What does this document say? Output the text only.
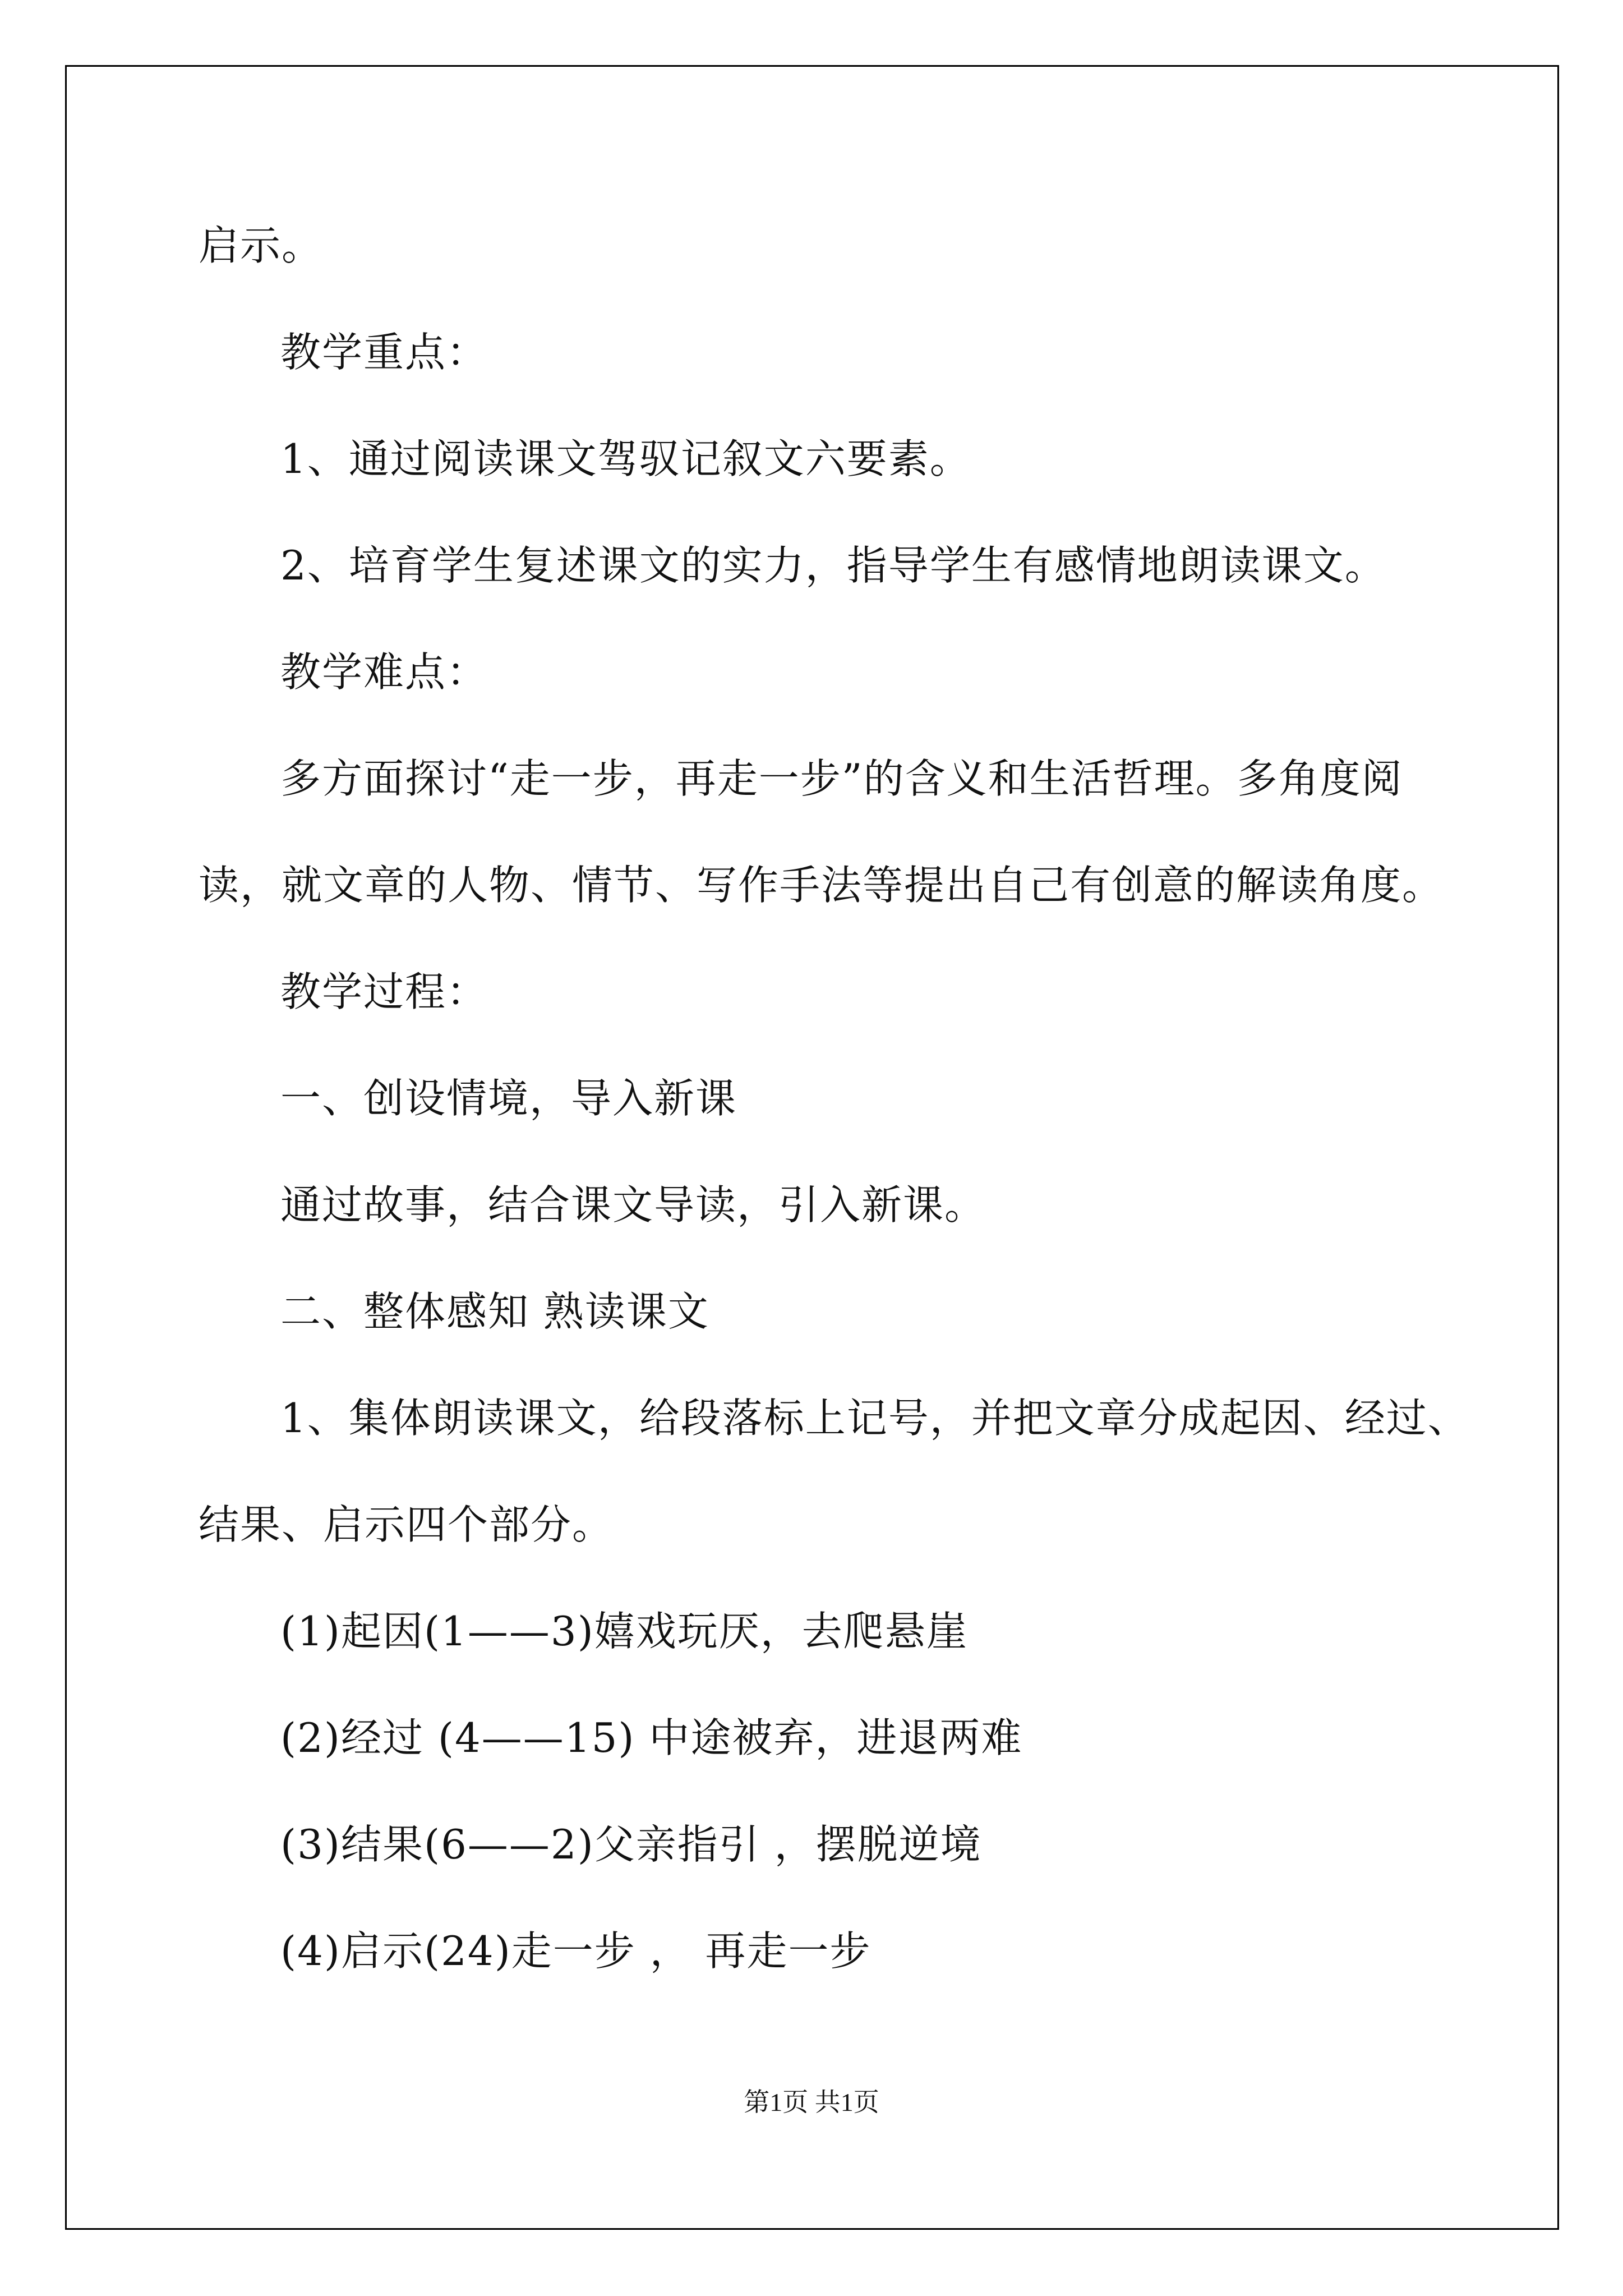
启示。

教学重点：

1、通过阅读课文驾驭记叙文六要素。

2、培育学生复述课文的实力，指导学生有感情地朗读课文。

教学难点：

多方面探讨“走一步，再走一步”的含义和生活哲理。多角度阅

读，就文章的人物、情节、写作手法等提出自己有创意的解读角度。

教学过程：

一、创设情境，导入新课

通过故事，结合课文导读，引入新课。

二、整体感知 熟读课文

1、集体朗读课文，给段落标上记号，并把文章分成起因、经过、

结果、启示四个部分。

(1)起因(1——3)嬉戏玩厌，去爬悬崖

(2)经过 (4——15) 中途被弃，进退两难

(3)结果(6——2)父亲指引 ，摆脱逆境

(4)启示(24)走一步 ， 再走一步

第1页 共1页
